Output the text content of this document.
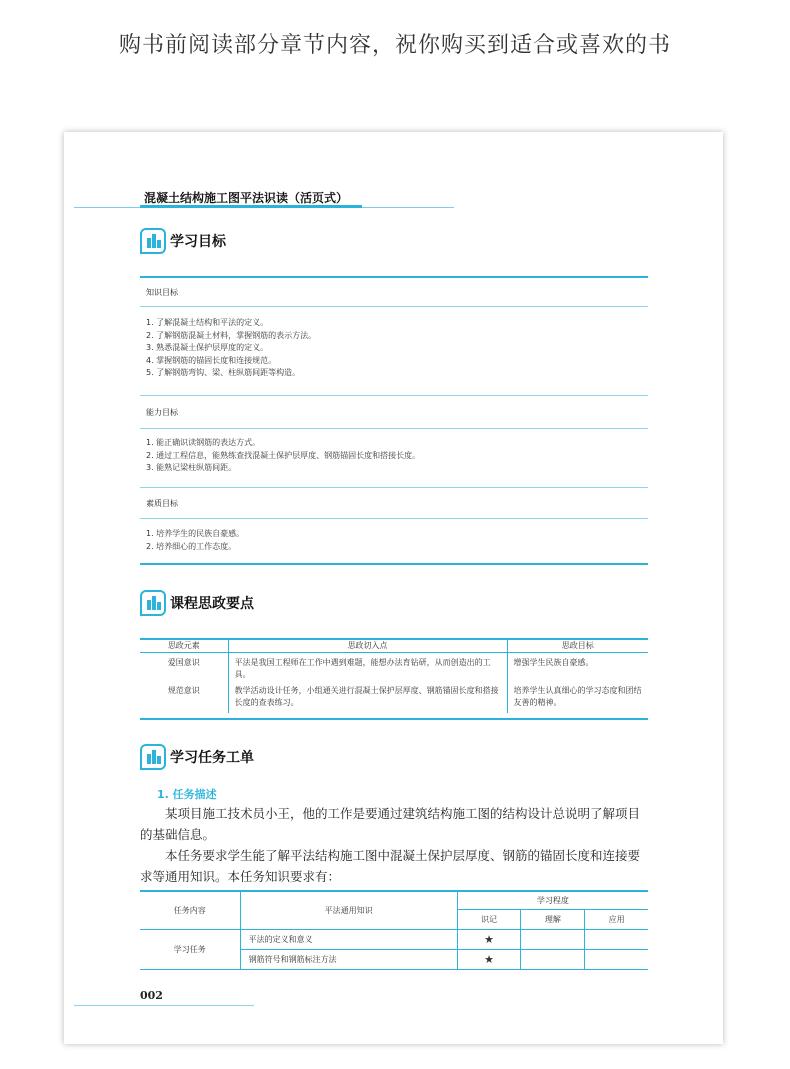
购书前阅读部分章节内容，祝你购买到适合或喜欢的书
混凝土结构施工图平法识读（活页式）
学习目标
知识目标
1. 了解混凝土结构和平法的定义。
2. 了解钢筋混凝土材料，掌握钢筋的表示方法。
3. 熟悉混凝土保护层厚度的定义。
4. 掌握钢筋的锚固长度和连接规范。
5. 了解钢筋弯钩、梁、柱纵筋间距等构造。
能力目标
1. 能正确识读钢筋的表达方式。
2. 通过工程信息，能熟练查找混凝土保护层厚度、钢筋锚固长度和搭接长度。
3. 能熟记梁柱纵筋间距。
素质目标
1. 培养学生的民族自豪感。
2. 培养细心的工作态度。
课程思政要点
思政元素	思政切入点	思政目标
爱国意识	平法是我国工程师在工作中遇到难题，能想办法育钻研，从而创造出的工具。	增强学生民族自豪感。
规范意识	教学活动设计任务，小组通关进行混凝土保护层厚度、钢筋锚固长度和搭接长度的查表练习。	培养学生认真细心的学习态度和团结友善的精神。
学习任务工单
1. 任务描述
某项目施工技术员小王，他的工作是要通过建筑结构施工图的结构设计总说明了解项目的基础信息。
本任务要求学生能了解平法结构施工图中混凝土保护层厚度、钢筋的锚固长度和连接要求等通用知识。本任务知识要求有：
任务内容	平法通用知识	学习程度		
		识记	理解	应用
学习任务	平法的定义和意义	★		
	钢筋符号和钢筋标注方法	★		
002
